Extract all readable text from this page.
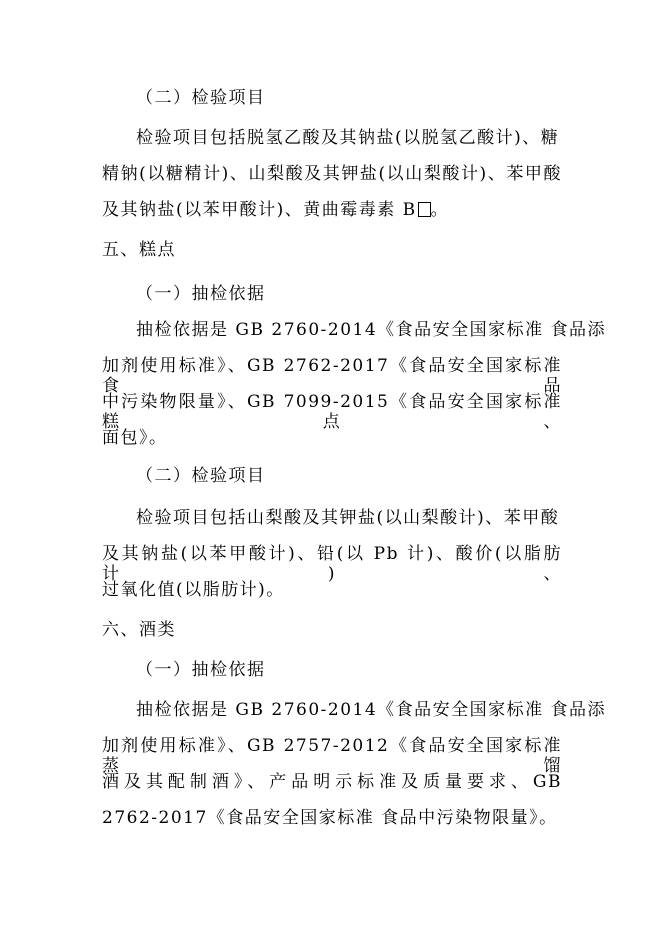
（二）检验项目
检验项目包括脱氢乙酸及其钠盐(以脱氢乙酸计)、糖
精钠(以糖精计)、山梨酸及其钾盐(以山梨酸计)、苯甲酸
及其钠盐(以苯甲酸计)、黄曲霉毒素 B 。
五、糕点
（一）抽检依据
抽检依据是 GB 2760-2014《食品安全国家标准 食品添
加剂使用标准》、GB 2762-2017《食品安全国家标准 食品
中污染物限量》、GB 7099-2015《食品安全国家标准 糕点、
面包》。
（二）检验项目
检验项目包括山梨酸及其钾盐(以山梨酸计)、苯甲酸
及其钠盐(以苯甲酸计)、铅(以 Pb 计)、酸价(以脂肪计)、
过氧化值(以脂肪计)。
六、酒类
（一）抽检依据
抽检依据是 GB 2760-2014《食品安全国家标准 食品添
加剂使用标准》、GB 2757-2012《食品安全国家标准 蒸馏
酒及其配制酒》、产品明示标准及质量要求、GB
2762-2017《食品安全国家标准 食品中污染物限量》。
